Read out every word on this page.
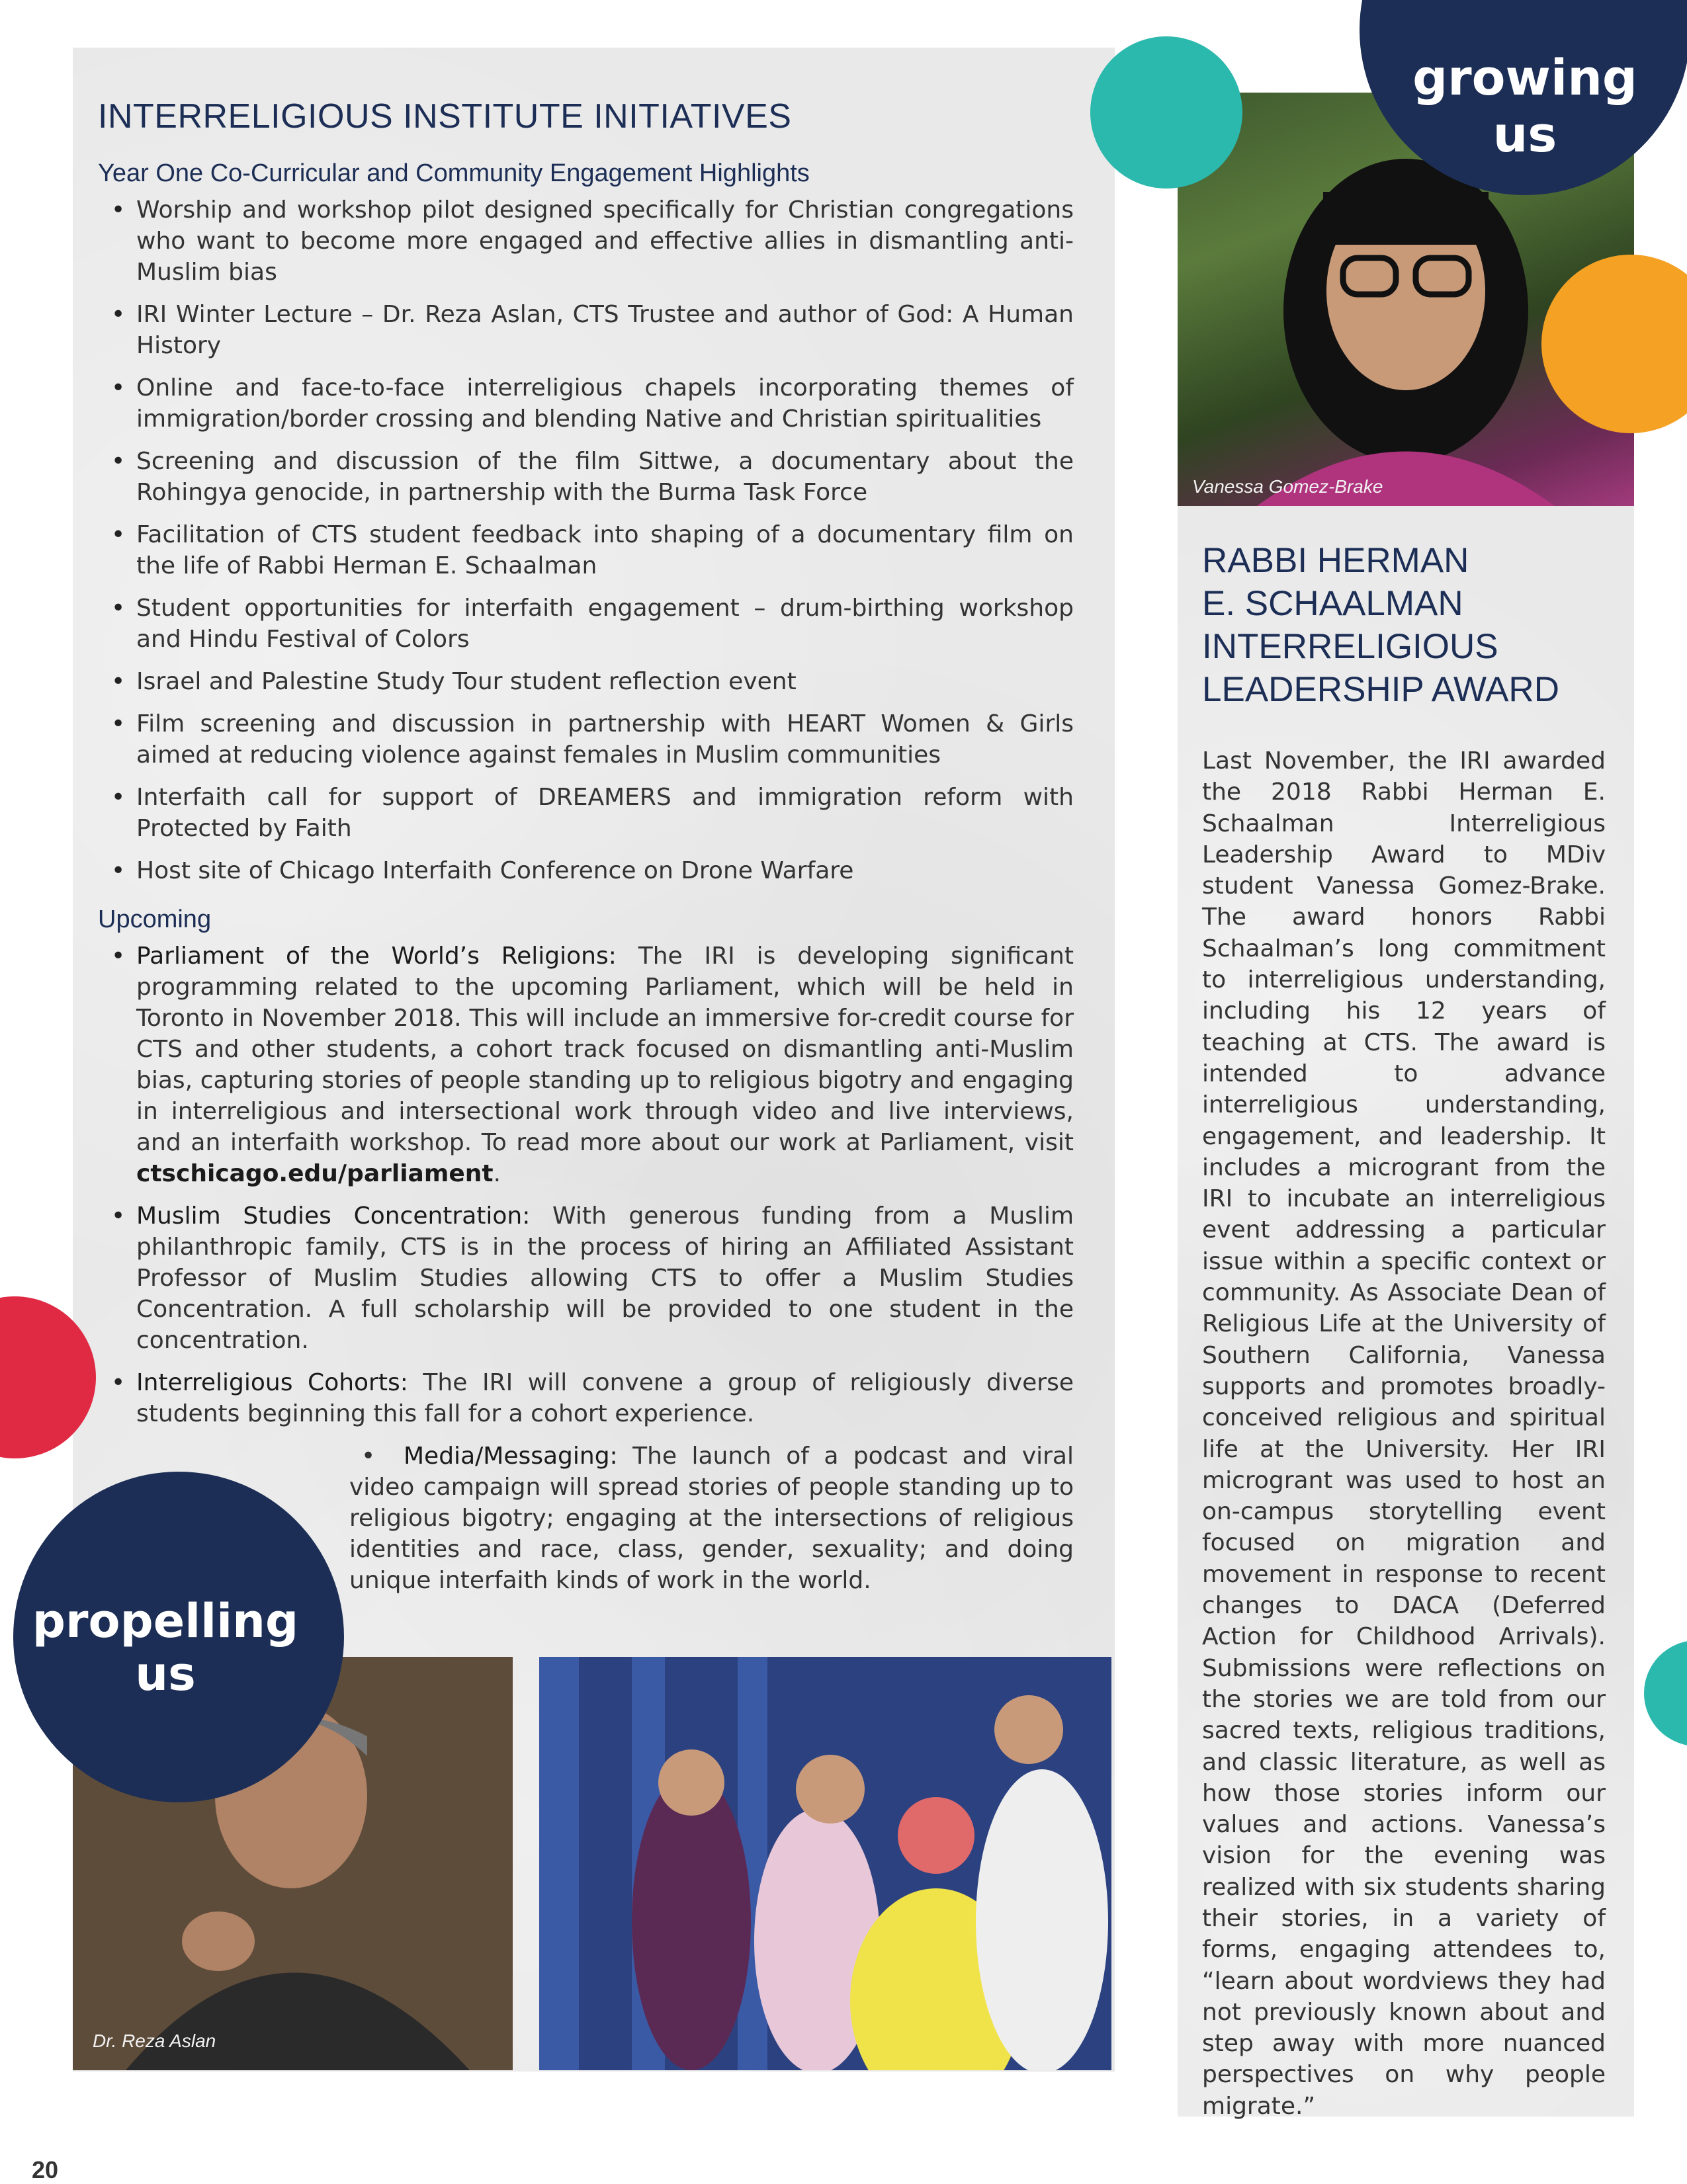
Vanessa Gomez-Brake
Dr. Reza Aslan
growing us
INTERRELIGIOUS INSTITUTE INITIATIVES
Year One Co-Curricular and Community Engagement Highlights
• Worship and workshop pilot designed specifically for Christian congregations who want to become more engaged and effective allies in dismantling anti-Muslim bias
• IRI Winter Lecture – Dr. Reza Aslan, CTS Trustee and author of God: A Human History
• Online and face-to-face interreligious chapels incorporating themes of immigration/border crossing and blending Native and Christian spiritualities
• Screening and discussion of the film Sittwe, a documentary about the Rohingya genocide, in partnership with the Burma Task Force
• Facilitation of CTS student feedback into shaping of a documentary film on the life of Rabbi Herman E. Schaalman
• Student opportunities for interfaith engagement – drum-birthing workshop and Hindu Festival of Colors
• Israel and Palestine Study Tour student reflection event
• Film screening and discussion in partnership with HEART Women & Girls aimed at reducing violence against females in Muslim communities
• Interfaith call for support of DREAMERS and immigration reform with Protected by Faith
• Host site of Chicago Interfaith Conference on Drone Warfare
Upcoming
• Parliament of the World’s Religions: The IRI is developing significant programming related to the upcoming Parliament, which will be held in Toronto in November 2018. This will include an immersive for-credit course for CTS and other students, a cohort track focused on dismantling anti-Muslim bias, capturing stories of people standing up to religious bigotry and engaging in interreligious and intersectional work through video and live interviews, and an interfaith workshop. To read more about our work at Parliament, visit ctschicago.edu/parliament.
• Muslim Studies Concentration: With generous funding from a Muslim philanthropic family, CTS is in the process of hiring an Affiliated Assistant Professor of Muslim Studies allowing CTS to offer a Muslim Studies Concentration. A full scholarship will be provided to one student in the concentration.
• Interreligious Cohorts: The IRI will convene a group of religiously diverse students beginning this fall for a cohort experience.
• Media/Messaging: The launch of a podcast and viral video campaign will spread stories of people standing up to religious bigotry; engaging at the intersections of religious identities and race, class, gender, sexuality; and doing unique interfaith kinds of work in the world.
propelling
us
RABBI HERMAN
E. SCHAALMAN
INTERRELIGIOUS
LEADERSHIP AWARD

Last November, the IRI awarded the 2018 Rabbi Herman E. Schaalman Interreligious Leadership Award to MDiv student Vanessa Gomez-Brake. The award honors Rabbi Schaalman’s long commitment to interreligious understanding, including his 12 years of teaching at CTS. The award is intended to advance interreligious understanding, engagement, and leadership. It includes a microgrant from the IRI to incubate an interreligious event addressing a particular issue within a specific context or community. As Associate Dean of Religious Life at the University of Southern California, Vanessa supports and promotes broadly-conceived religious and spiritual life at the University. Her IRI microgrant was used to host an on-campus storytelling event focused on migration and movement in response to recent changes to DACA (Deferred Action for Childhood Arrivals). Submissions were reflections on the stories we are told from our sacred texts, religious traditions, and classic literature, as well as how those stories inform our values and actions. Vanessa’s vision for the evening was realized with six students sharing their stories, in a variety of forms, engaging attendees to, “learn about wordviews they had not previously known about and step away with more nuanced perspectives on why people migrate.”

20
